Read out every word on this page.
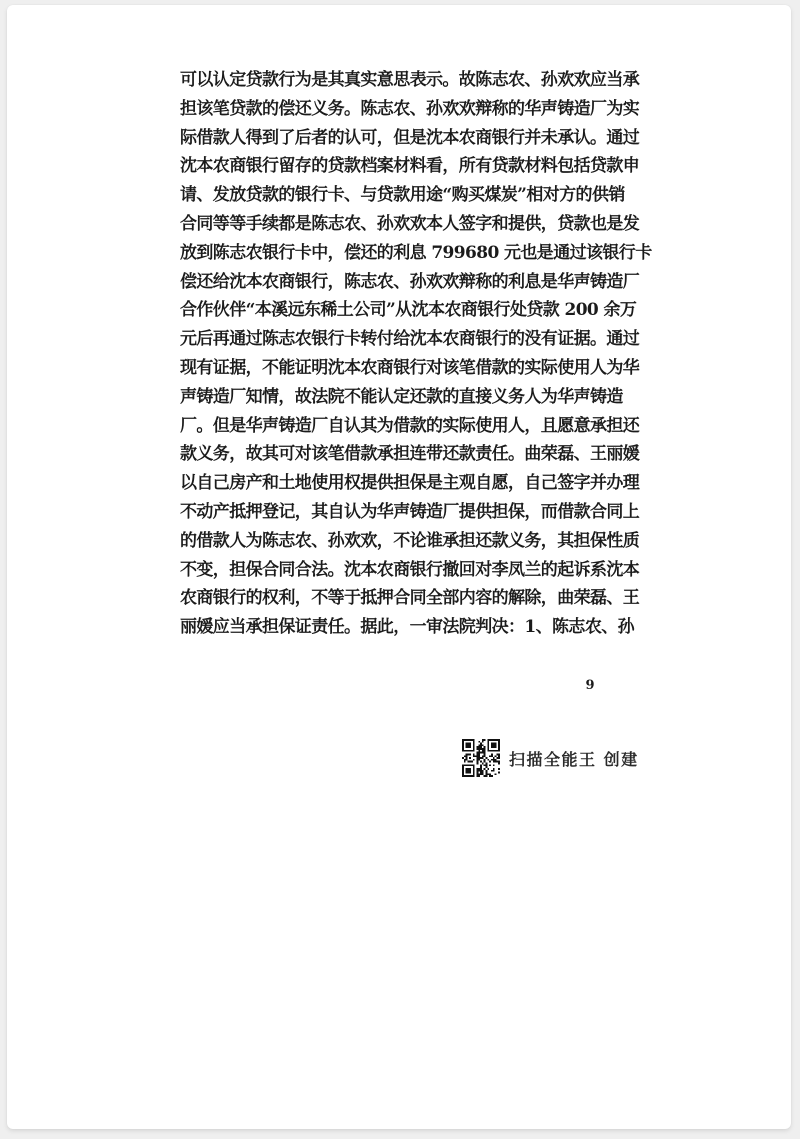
可以认定贷款行为是其真实意思表示。故陈志农、孙欢欢应当承
担该笔贷款的偿还义务。陈志农、孙欢欢辩称的华声铸造厂为实
际借款人得到了后者的认可，但是沈本农商银行并未承认。通过
沈本农商银行留存的贷款档案材料看，所有贷款材料包括贷款申
请、发放贷款的银行卡、与贷款用途“购买煤炭”相对方的供销
合同等等手续都是陈志农、孙欢欢本人签字和提供，贷款也是发
放到陈志农银行卡中，偿还的利息 799680 元也是通过该银行卡
偿还给沈本农商银行，陈志农、孙欢欢辩称的利息是华声铸造厂
合作伙伴“本溪远东稀土公司”从沈本农商银行处贷款 200 余万
元后再通过陈志农银行卡转付给沈本农商银行的没有证据。通过
现有证据，不能证明沈本农商银行对该笔借款的实际使用人为华
声铸造厂知情，故法院不能认定还款的直接义务人为华声铸造
厂。但是华声铸造厂自认其为借款的实际使用人，且愿意承担还
款义务，故其可对该笔借款承担连带还款责任。曲荣磊、王丽媛
以自己房产和土地使用权提供担保是主观自愿，自己签字并办理
不动产抵押登记，其自认为华声铸造厂提供担保，而借款合同上
的借款人为陈志农、孙欢欢，不论谁承担还款义务，其担保性质
不变，担保合同合法。沈本农商银行撤回对李凤兰的起诉系沈本
农商银行的权利，不等于抵押合同全部内容的解除，曲荣磊、王
丽媛应当承担保证责任。据此，一审法院判决：1、陈志农、孙
9
扫描全能王 创建
